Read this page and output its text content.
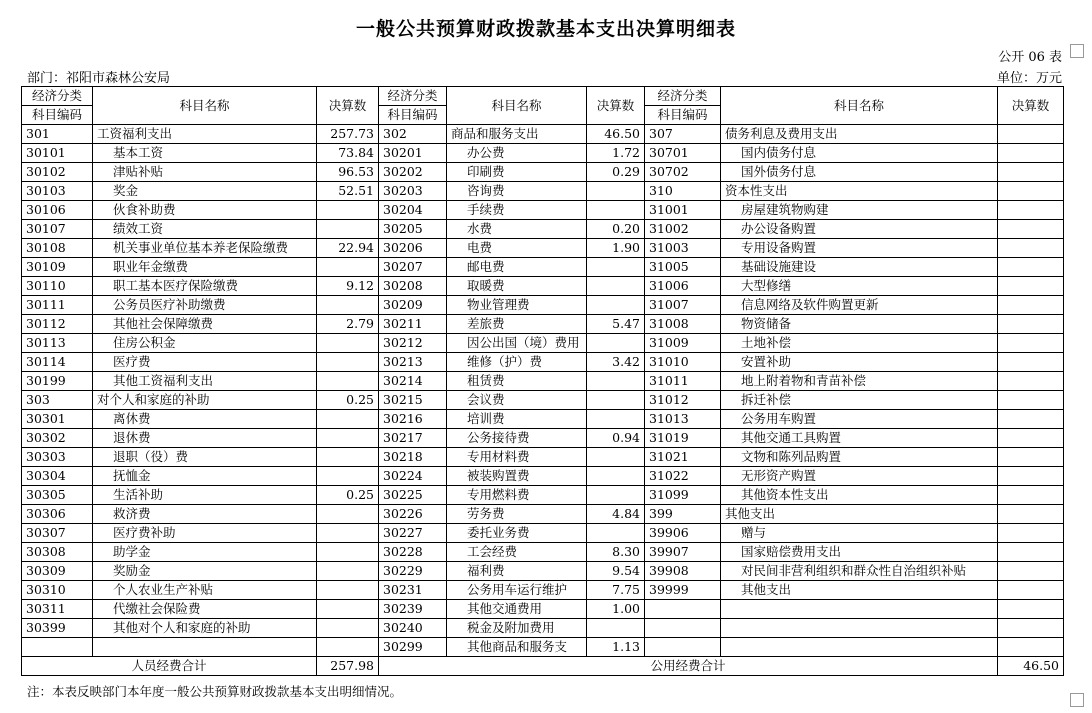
一般公共预算财政拨款基本支出决算明细表
公开 06 表
部门：祁阳市森林公安局	单位：万元
经济分类	科目名称	决算数	经济分类	科目名称	决算数	经济分类	科目名称	决算数
科目编码			科目编码			科目编码		
301	工资福利支出	257.73	302	商品和服务支出	46.50	307	债务利息及费用支出	
30101	基本工资	73.84	30201	办公费	1.72	30701	国内债务付息	
30102	津贴补贴	96.53	30202	印刷费	0.29	30702	国外债务付息	
30103	奖金	52.51	30203	咨询费		310	资本性支出	
30106	伙食补助费		30204	手续费		31001	房屋建筑物购建	
30107	绩效工资		30205	水费	0.20	31002	办公设备购置	
30108	机关事业单位基本养老保险缴费	22.94	30206	电费	1.90	31003	专用设备购置	
30109	职业年金缴费		30207	邮电费		31005	基础设施建设	
30110	职工基本医疗保险缴费	9.12	30208	取暖费		31006	大型修缮	
30111	公务员医疗补助缴费		30209	物业管理费		31007	信息网络及软件购置更新	
30112	其他社会保障缴费	2.79	30211	差旅费	5.47	31008	物资储备	
30113	住房公积金		30212	因公出国（境）费用		31009	土地补偿	
30114	医疗费		30213	维修（护）费	3.42	31010	安置补助	
30199	其他工资福利支出		30214	租赁费		31011	地上附着物和青苗补偿	
303	对个人和家庭的补助	0.25	30215	会议费		31012	拆迁补偿	
30301	离休费		30216	培训费		31013	公务用车购置	
30302	退休费		30217	公务接待费	0.94	31019	其他交通工具购置	
30303	退职（役）费		30218	专用材料费		31021	文物和陈列品购置	
30304	抚恤金		30224	被装购置费		31022	无形资产购置	
30305	生活补助	0.25	30225	专用燃料费		31099	其他资本性支出	
30306	救济费		30226	劳务费	4.84	399	其他支出	
30307	医疗费补助		30227	委托业务费		39906	赠与	
30308	助学金		30228	工会经费	8.30	39907	国家赔偿费用支出	
30309	奖励金		30229	福利费	9.54	39908	对民间非营利组织和群众性自治组织补贴	
30310	个人农业生产补贴		30231	公务用车运行维护	7.75	39999	其他支出	
30311	代缴社会保险费		30239	其他交通费用	1.00			
30399	其他对个人和家庭的补助		30240	税金及附加费用				
			30299	其他商品和服务支	1.13			
人员经费合计		257.98	公用经费合计					46.50
注：本表反映部门本年度一般公共预算财政拨款基本支出明细情况。
